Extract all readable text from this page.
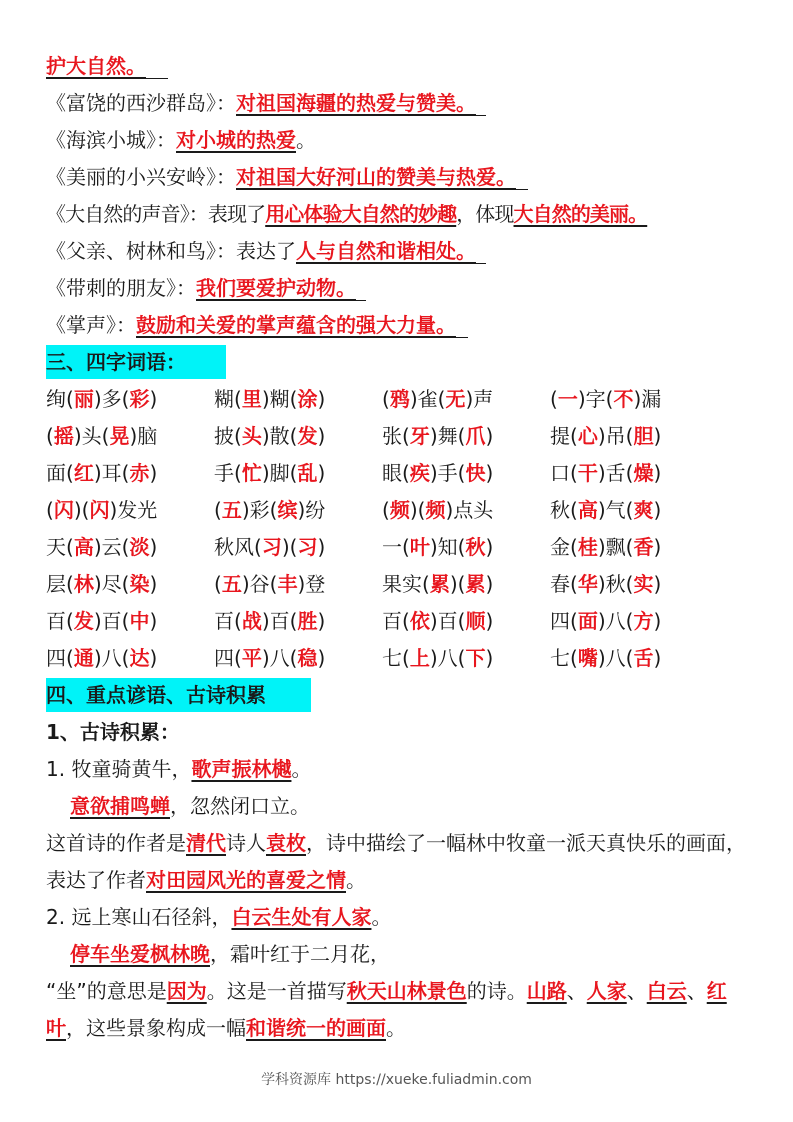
护大自然。
《富饶的西沙群岛》：对祖国海疆的热爱与赞美。
《海滨小城》：对小城的热爱。
《美丽的小兴安岭》：对祖国大好河山的赞美与热爱。
《大自然的声音》：表现了用心体验大自然的妙趣，体现大自然的美丽。
《父亲、树林和鸟》：表达了人与自然和谐相处。
《带刺的朋友》：我们要爱护动物。
《掌声》：鼓励和关爱的掌声蕴含的强大力量。
三、四字词语：
绚(丽)多(彩)	糊(里)糊(涂)	(鸦)雀(无)声	(一)字(不)漏
(摇)头(晃)脑	披(头)散(发)	张(牙)舞(爪)	提(心)吊(胆)
面(红)耳(赤)	手(忙)脚(乱)	眼(疾)手(快)	口(干)舌(燥)
(闪)(闪)发光	(五)彩(缤)纷	(频)(频)点头	秋(高)气(爽)
天(高)云(淡)	秋风(习)(习)	一(叶)知(秋)	金(桂)飘(香)
层(林)尽(染)	(五)谷(丰)登	果实(累)(累)	春(华)秋(实)
百(发)百(中)	百(战)百(胜)	百(依)百(顺)	四(面)八(方)
四(通)八(达)	四(平)八(稳)	七(上)八(下)	七(嘴)八(舌)
四、重点谚语、古诗积累
1、古诗积累：
1. 牧童骑黄牛，歌声振林樾。
意欲捕鸣蝉，忽然闭口立。
这首诗的作者是清代诗人袁枚，诗中描绘了一幅林中牧童一派天真快乐的画面，表达了作者对田园风光的喜爱之情。
2. 远上寒山石径斜，白云生处有人家。
停车坐爱枫林晚，霜叶红于二月花，
“坐”的意思是因为。这是一首描写秋天山林景色的诗。山路、人家、白云、红叶，这些景象构成一幅和谐统一的画面。
学科资源库 https://xueke.fuliadmin.com
